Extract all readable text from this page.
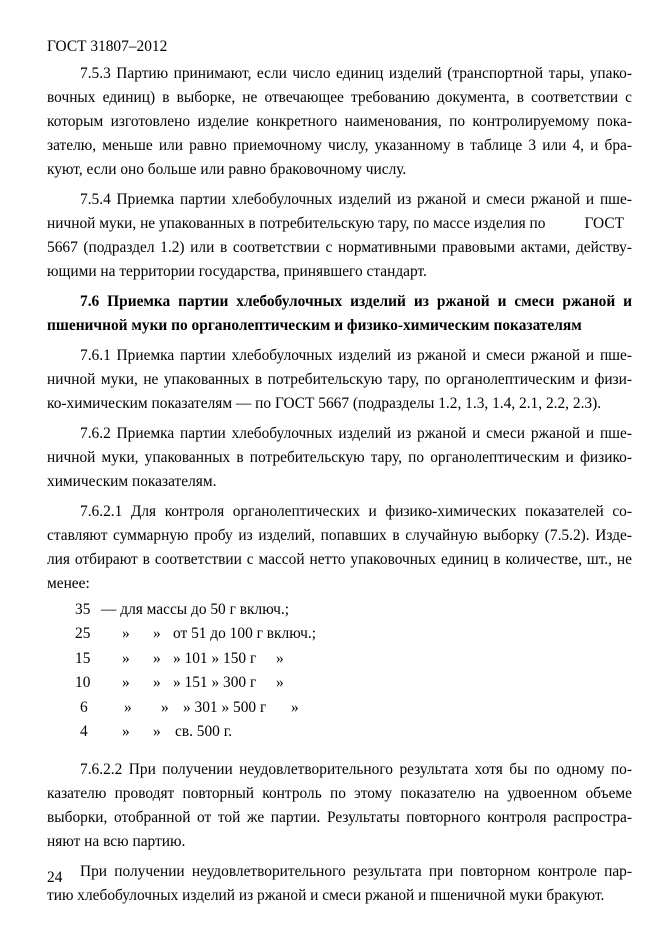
ГОСТ 31807–2012
7.5.3 Партию принимают, если число единиц изделий (транспортной тары, упако-
вочных единиц) в выборке, не отвечающее требованию документа, в соответствии с
которым изготовлено изделие конкретного наименования, по контролируемому пока-
зателю, меньше или равно приемочному числу, указанному в таблице 3 или 4, и бра-
куют, если оно больше или равно браковочному числу.
7.5.4 Приемка партии хлебобулочных изделий из ржаной и смеси ржаной и пше-
ничной муки, не упакованных в потребительскую тару, по массе изделия по	ГОСТ
5667 (подраздел 1.2) или в соответствии с нормативными правовыми актами, действу-
ющими на территории государства, принявшего стандарт.
7.6 Приемка партии хлебобулочных изделий из ржаной и смеси ржаной и
пшеничной муки по органолептическим и физико-химическим показателям
7.6.1 Приемка партии хлебобулочных изделий из ржаной и смеси ржаной и пше-
ничной муки, не упакованных в потребительскую тару, по органолептическим и физи-
ко-химическим показателям — по ГОСТ 5667 (подразделы 1.2, 1.3, 1.4, 2.1, 2.2, 2.3).
7.6.2 Приемка партии хлебобулочных изделий из ржаной и смеси ржаной и пше-
ничной муки, упакованных в потребительскую тару, по органолептическим и физико-
химическим показателям.
7.6.2.1 Для контроля органолептических и физико-химических показателей со-
ставляют суммарную пробу из изделий, попавших в случайную выборку (7.5.2). Изде-
лия отбирают в соответствии с массой нетто упаковочных единиц в количестве, шт., не
менее:
35 — для массы до 50 г включ.;
25 » » от 51 до 100 г включ.;
15 » » » 101 » 150 г »
10 » » » 151 » 300 г »
6 » » » 301 » 500 г »
4 » » св. 500 г.
7.6.2.2 При получении неудовлетворительного результата хотя бы по одному по-
казателю проводят повторный контроль по этому показателю на удвоенном объеме
выборки, отобранной от той же партии. Результаты повторного контроля распростра-
няют на всю партию.
При получении неудовлетворительного результата при повторном контроле пар-
тию хлебобулочных изделий из ржаной и смеси ржаной и пшеничной муки бракуют.
24
